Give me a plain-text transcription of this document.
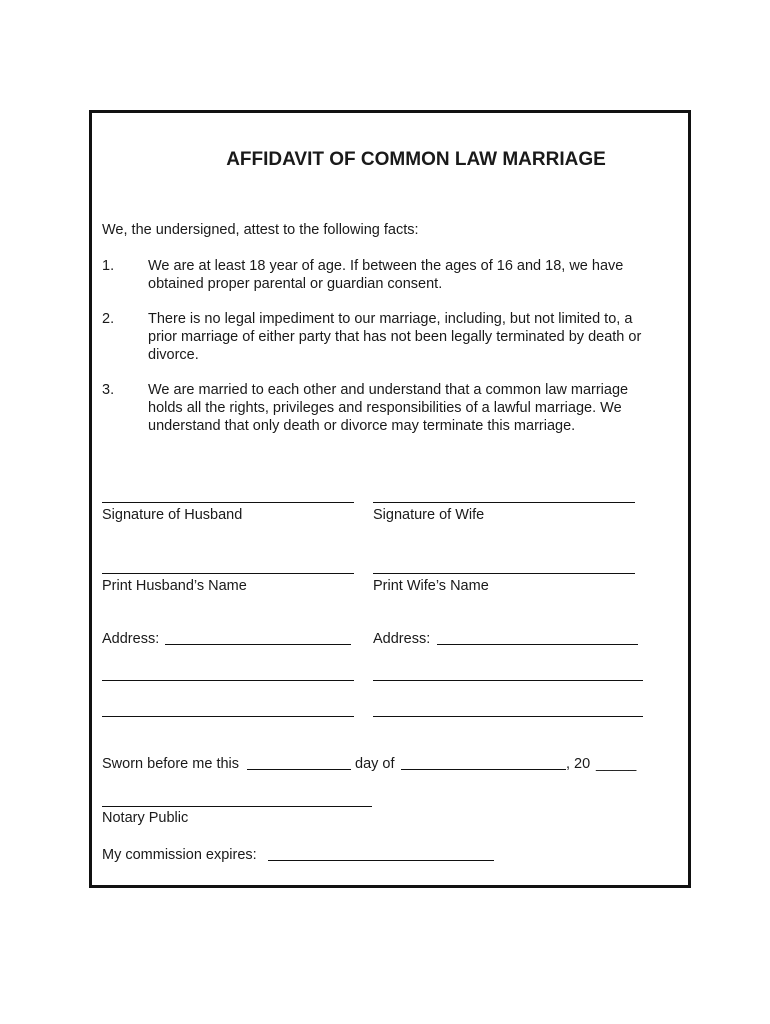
AFFIDAVIT OF COMMON LAW MARRIAGE
We, the undersigned, attest to the following facts:
1. We are at least 18 year of age. If between the ages of 16 and 18, we have
obtained proper parental or guardian consent.
2. There is no legal impediment to our marriage, including, but not limited to, a
prior marriage of either party that has not been legally terminated by death or
divorce.
3. We are married to each other and understand that a common law marriage
holds all the rights, privileges and responsibilities of a lawful marriage. We
understand that only death or divorce may terminate this marriage.
Signature of Husband	Signature of Wife
Print Husband’s Name	Print Wife’s Name
Address:	Address:
Sworn before me this	day of	, 20 _____
Notary Public
My commission expires:
